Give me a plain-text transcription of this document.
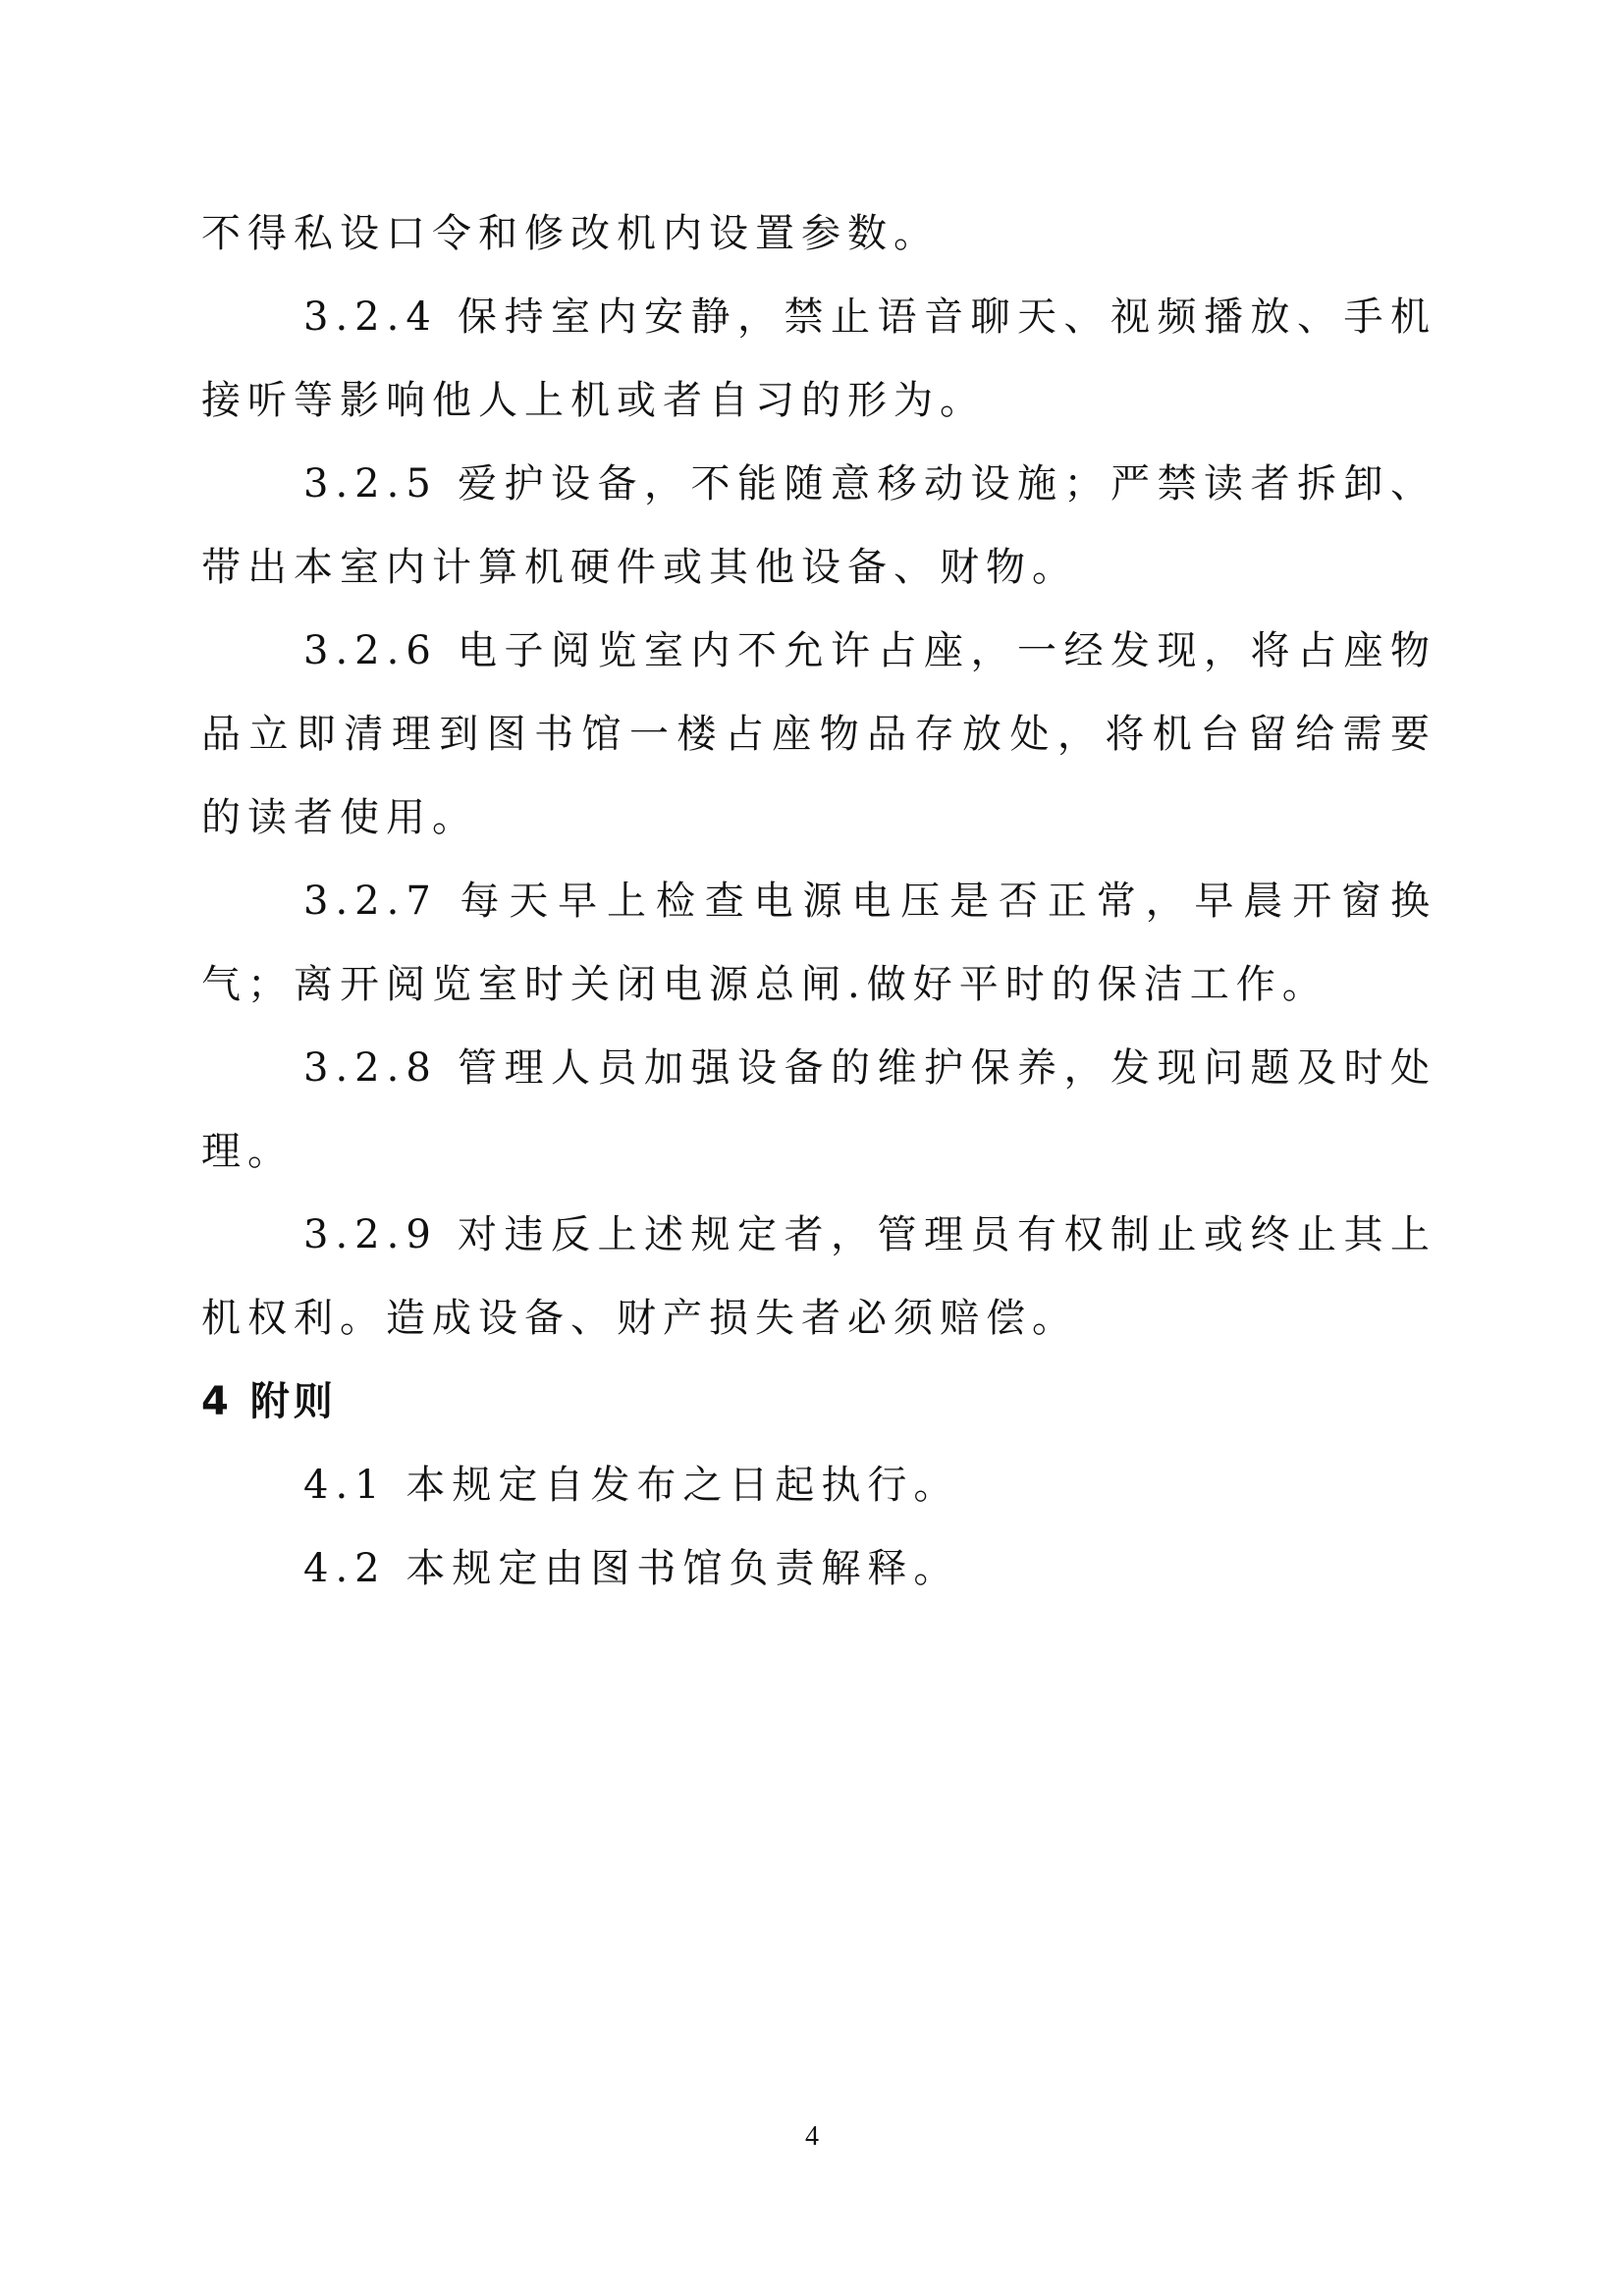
不得私设口令和修改机内设置参数。

3.2.4 保持室内安静，禁止语音聊天、视频播放、手机接听等影响他人上机或者自习的形为。

3.2.5 爱护设备，不能随意移动设施；严禁读者拆卸、带出本室内计算机硬件或其他设备、财物。

3.2.6 电子阅览室内不允许占座，一经发现，将占座物品立即清理到图书馆一楼占座物品存放处，将机台留给需要的读者使用。

3.2.7 每天早上检查电源电压是否正常，早晨开窗换气；离开阅览室时关闭电源总闸.做好平时的保洁工作。

3.2.8 管理人员加强设备的维护保养，发现问题及时处理。

3.2.9 对违反上述规定者，管理员有权制止或终止其上机权利。造成设备、财产损失者必须赔偿。

4 附则

4.1 本规定自发布之日起执行。

4.2 本规定由图书馆负责解释。

4
